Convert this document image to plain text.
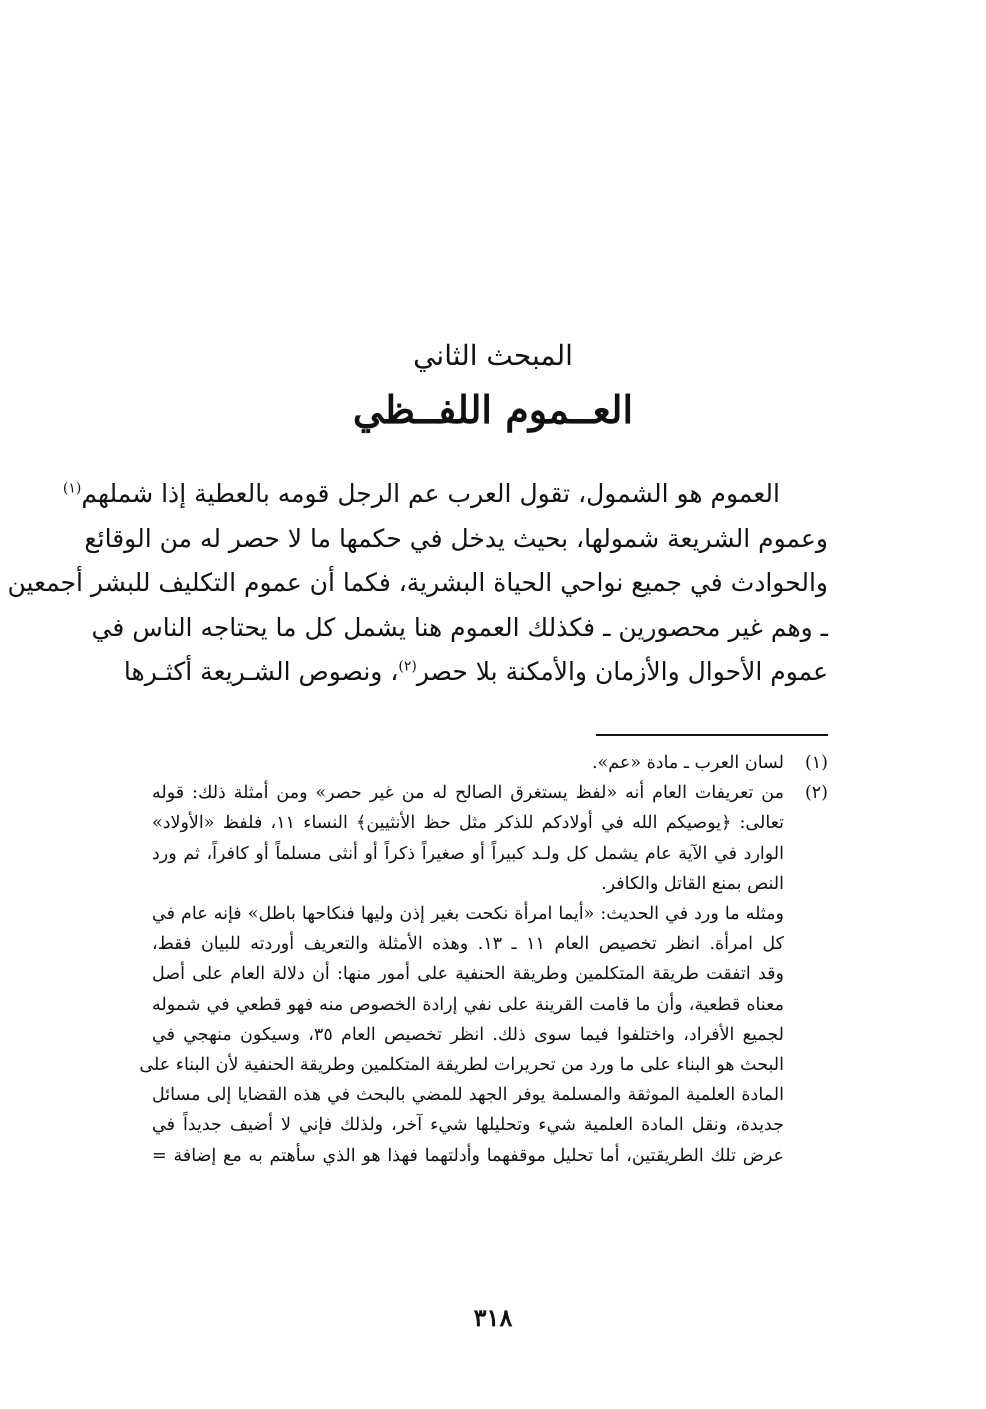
المبحث الثاني
العــموم اللفــظي
العموم هو الشمول، تقول العرب عم الرجل قومه بالعطية إذا شملهم$^{(١)}$
وعموم الشريعة شمولها، بحيث يدخل في حكمها ما لا حصر له من الوقائع
والحوادث في جميع نواحي الحياة البشرية، فكما أن عموم التكليف للبشر أجمعين
ـ وهم غير محصورين ـ فكذلك العموم هنا يشمل كل ما يحتاجه الناس في
عموم الأحوال والأزمان والأمكنة بلا حصر$^{(٢)}$، ونصوص الشـريعة أكثـرها
(١)
لسان العرب ـ مادة «عم».
(٢)
من تعريفات العام أنه «لفظ يستغرق الصالح له من غير حصر» ومن أمثلة ذلك: قوله
تعالى: ﴿يوصيكم الله في أولادكم للذكر مثل حظ الأنثيين﴾ النساء ١١، فلفظ «الأولاد»
الوارد في الآية عام يشمل كل ولـد كبيراً أو صغيراً ذكراً أو أنثى مسلماً أو كافراً، ثم ورد
النص بمنع القاتل والكافر.
ومثله ما ورد في الحديث: «أيما امرأة نكحت بغير إذن وليها فنكاحها باطل» فإنه عام في
كل امرأة. انظر تخصيص العام ١١ ـ ١٣. وهذه الأمثلة والتعريف أوردته للبيان فقط،
وقد اتفقت طريقة المتكلمين وطريقة الحنفية على أمور منها: أن دلالة العام على أصل
معناه قطعية، وأن ما قامت القرينة على نفي إرادة الخصوص منه فهو قطعي في شموله
لجميع الأفراد، واختلفوا فيما سوى ذلك. انظر تخصيص العام ٣٥، وسيكون منهجي في
البحث هو البناء على ما ورد من تحريرات لطريقة المتكلمين وطريقة الحنفية لأن البناء على
المادة العلمية الموثقة والمسلمة يوفر الجهد للمضي بالبحث في هذه القضايا إلى مسائل
جديدة، ونقل المادة العلمية شيء وتحليلها شيء آخر، ولذلك فإني لا أضيف جديداً في
عرض تلك الطريقتين، أما تحليل موقفهما وأدلتهما فهذا هو الذي سأهتم به مع إضافة =
٣١٨
